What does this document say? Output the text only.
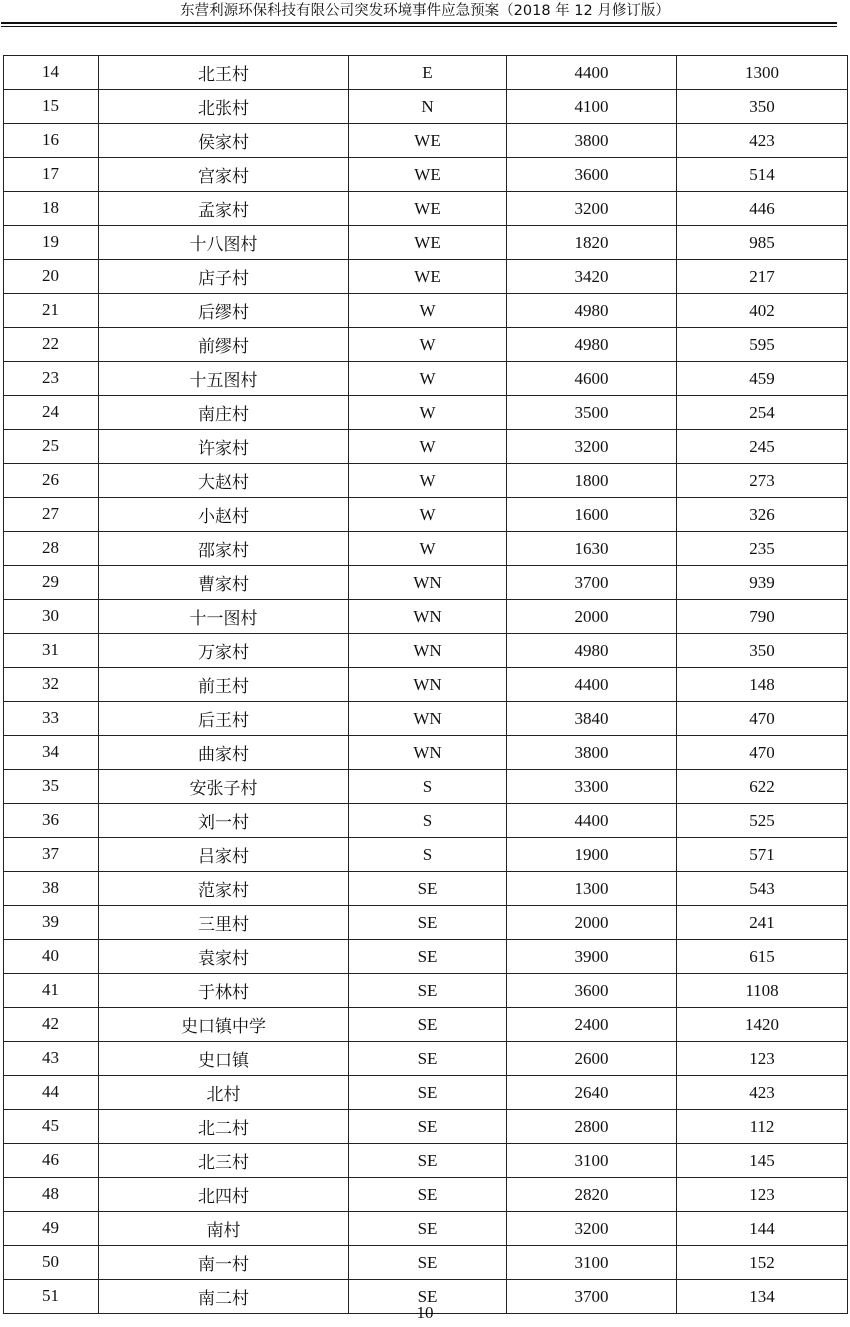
东营利源环保科技有限公司突发环境事件应急预案（2018 年 12 月修订版）
14	北王村	E	4400	1300
15	北张村	N	4100	350
16	侯家村	WE	3800	423
17	宫家村	WE	3600	514
18	孟家村	WE	3200	446
19	十八图村	WE	1820	985
20	店子村	WE	3420	217
21	后缪村	W	4980	402
22	前缪村	W	4980	595
23	十五图村	W	4600	459
24	南庄村	W	3500	254
25	许家村	W	3200	245
26	大赵村	W	1800	273
27	小赵村	W	1600	326
28	邵家村	W	1630	235
29	曹家村	WN	3700	939
30	十一图村	WN	2000	790
31	万家村	WN	4980	350
32	前王村	WN	4400	148
33	后王村	WN	3840	470
34	曲家村	WN	3800	470
35	安张子村	S	3300	622
36	刘一村	S	4400	525
37	吕家村	S	1900	571
38	范家村	SE	1300	543
39	三里村	SE	2000	241
40	袁家村	SE	3900	615
41	于林村	SE	3600	1108
42	史口镇中学	SE	2400	1420
43	史口镇	SE	2600	123
44	北村	SE	2640	423
45	北二村	SE	2800	112
46	北三村	SE	3100	145
48	北四村	SE	2820	123
49	南村	SE	3200	144
50	南一村	SE	3100	152
51	南二村	SE	3700	134
10
